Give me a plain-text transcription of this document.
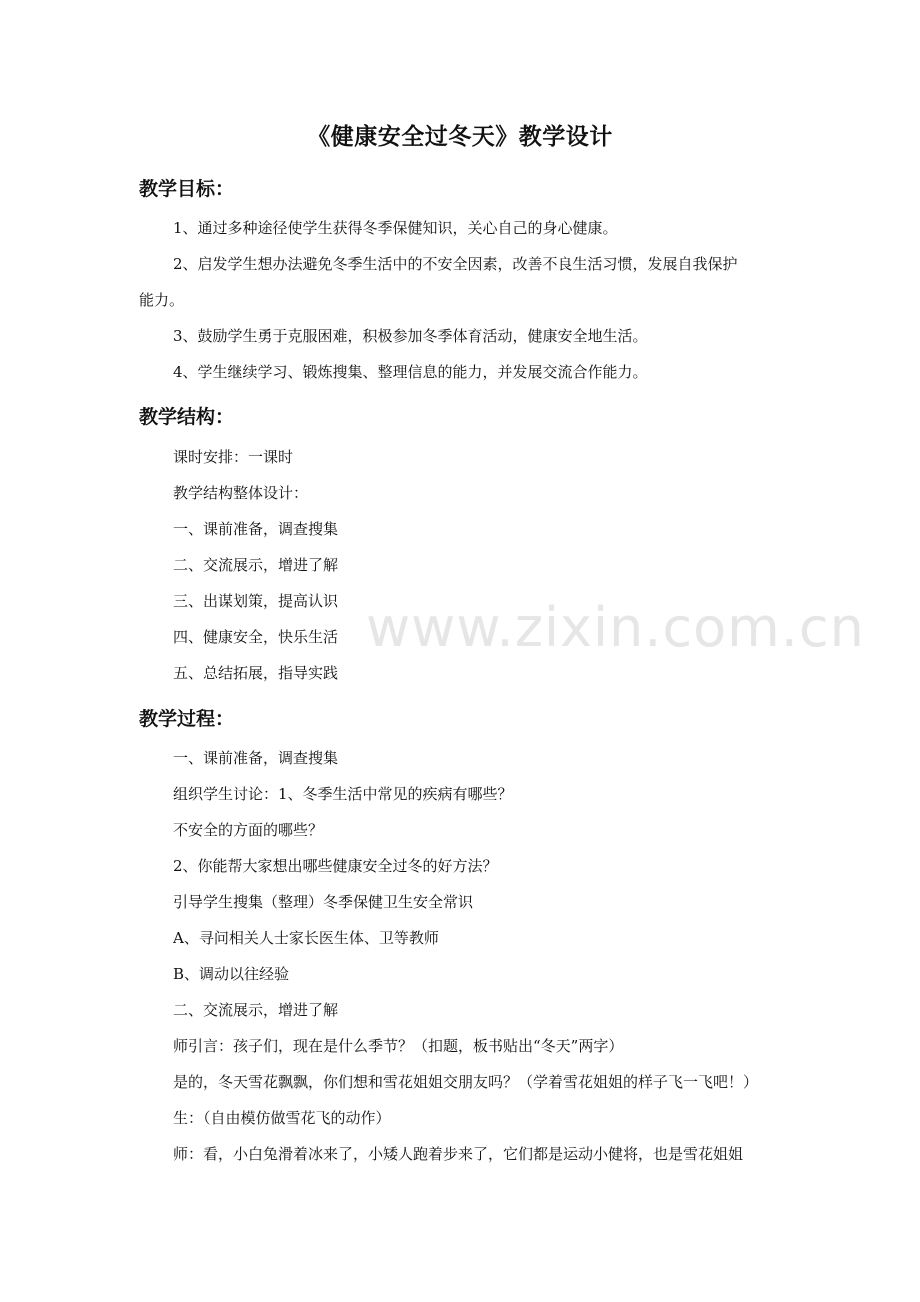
www.zixin.com.cn
《健康安全过冬天》教学设计
教学目标：
1、通过多种途径使学生获得冬季保健知识，关心自己的身心健康。
2、启发学生想办法避免冬季生活中的不安全因素，改善不良生活习惯，发展自我保护
能力。
3、鼓励学生勇于克服困难，积极参加冬季体育活动，健康安全地生活。
4、学生继续学习、锻炼搜集、整理信息的能力，并发展交流合作能力。
教学结构：
课时安排：一课时
教学结构整体设计：
一、课前准备，调查搜集
二、交流展示，增进了解
三、出谋划策，提高认识
四、健康安全，快乐生活
五、总结拓展，指导实践
教学过程：
一、课前准备，调查搜集
组织学生讨论：1、冬季生活中常见的疾病有哪些？
不安全的方面的哪些？
2、你能帮大家想出哪些健康安全过冬的好方法？
引导学生搜集（整理）冬季保健卫生安全常识
A、寻问相关人士家长医生体、卫等教师
B、调动以往经验
二、交流展示，增进了解
师引言：孩子们，现在是什么季节？（扣题，板书贴出“冬天”两字）
是的，冬天雪花飘飘，你们想和雪花姐姐交朋友吗？（学着雪花姐姐的样子飞一飞吧！）
生：（自由模仿做雪花飞的动作）
师：看，小白兔滑着冰来了，小矮人跑着步来了，它们都是运动小健将，也是雪花姐姐
